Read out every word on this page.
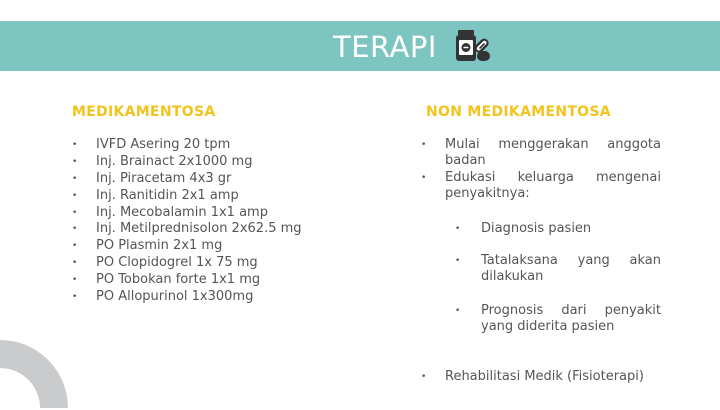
TERAPI
MEDIKAMENTOSA	NON MEDIKAMENTOSA
•	IVFD Asering 20 tpm
•	Inj. Brainact 2x1000 mg
•	Inj. Piracetam 4x3 gr
•	Inj. Ranitidin 2x1 amp
•	Inj. Mecobalamin 1x1 amp
•	Inj. Metilprednisolon 2x62.5 mg
•	PO Plasmin 2x1 mg
•	PO Clopidogrel 1x 75 mg
•	PO Tobokan forte 1x1 mg
•	PO Allopurinol 1x300mg
•	Mulai menggerakan anggota badan
•	Edukasi keluarga mengenai penyakitnya:
•	Diagnosis pasien
•	Tatalaksana yang akan dilakukan
•	Prognosis dari penyakit yang diderita pasien
•	Rehabilitasi Medik (Fisioterapi)
